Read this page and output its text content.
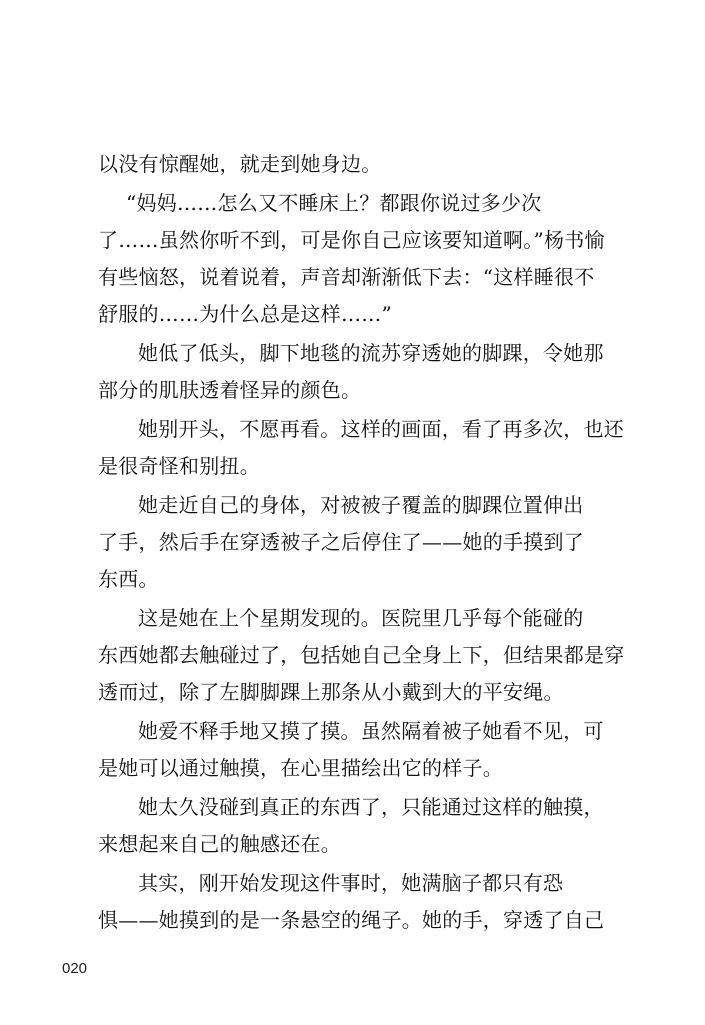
以没有惊醒她，就走到她身边。
“妈妈……怎么又不睡床上？都跟你说过多少次
了……虽然你听不到，可是你自己应该要知道啊。”杨书愉
有些恼怒，说着说着，声音却渐渐低下去：“这样睡很不
舒服的……为什么总是这样……”
她低了低头，脚下地毯的流苏穿透她的脚踝，令她那
部分的肌肤透着怪异的颜色。
她别开头，不愿再看。这样的画面，看了再多次，也还
是很奇怪和别扭。
她走近自己的身体，对被被子覆盖的脚踝位置伸出
了手，然后手在穿透被子之后停住了——她的手摸到了
东西。
这是她在上个星期发现的。医院里几乎每个能碰的
东西她都去触碰过了，包括她自己全身上下，但结果都是穿
透而过，除了左脚脚踝上那条从小戴到大的平安绳。
她爱不释手地又摸了摸。虽然隔着被子她看不见，可
是她可以通过触摸，在心里描绘出它的样子。
她太久没碰到真正的东西了，只能通过这样的触摸，
来想起来自己的触感还在。
其实，刚开始发现这件事时，她满脑子都只有恐
惧——她摸到的是一条悬空的绳子。她的手，穿透了自己
020
